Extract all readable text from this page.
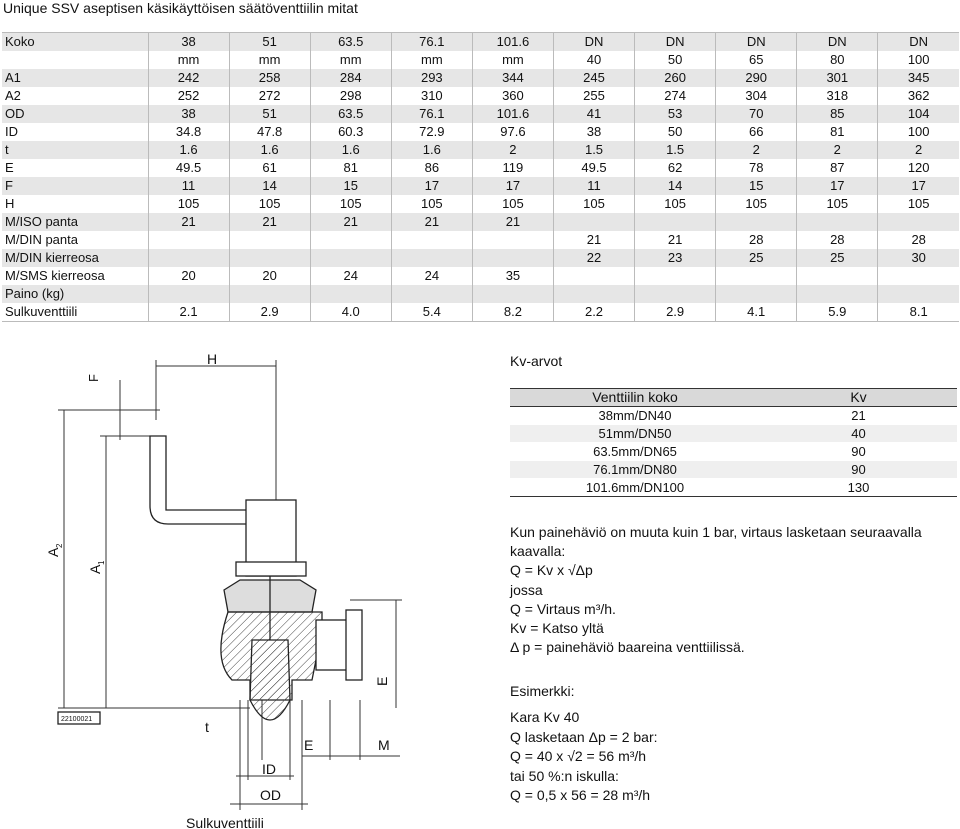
Unique SSV aseptisen käsikäyttöisen säätöventtiilin mitat
Koko	38	51	63.5	76.1	101.6	DN	DN	DN	DN	DN
	mm	mm	mm	mm	mm	40	50	65	80	100
A1	242	258	284	293	344	245	260	290	301	345
A2	252	272	298	310	360	255	274	304	318	362
OD	38	51	63.5	76.1	101.6	41	53	70	85	104
ID	34.8	47.8	60.3	72.9	97.6	38	50	66	81	100
t	1.6	1.6	1.6	1.6	2	1.5	1.5	2	2	2
E	49.5	61	81	86	119	49.5	62	78	87	120
F	11	14	15	17	17	11	14	15	17	17
H	105	105	105	105	105	105	105	105	105	105
M/ISO panta	21	21	21	21	21					
M/DIN panta						21	21	28	28	28
M/DIN kierreosa						22	23	25	25	30
M/SMS kierreosa	20	20	24	24	35					
Paino (kg)										
Sulkuventtiili	2.1	2.9	4.0	5.4	8.2	2.2	2.9	4.1	5.9	8.1
F
H
A
2
A
1
E
t
E	M
ID
OD
22100021
Sulkuventtiili
Kv-arvot
Venttiilin koko	Kv
38mm/DN40	21
51mm/DN50	40
63.5mm/DN65	90
76.1mm/DN80	90
101.6mm/DN100	130
Kun painehäviö on muuta kuin 1 bar, virtaus lasketaan seuraavalla
kaavalla:
Q = Kv x √Δp
jossa
Q = Virtaus m³/h.
Kv = Katso yltä
Δ p = painehäviö baareina venttiilissä.
Esimerkki:
Kara Kv 40
Q lasketaan Δp = 2 bar:
Q = 40 x √2 = 56 m³/h
tai 50 %:n iskulla:
Q = 0,5 x 56 = 28 m³/h
